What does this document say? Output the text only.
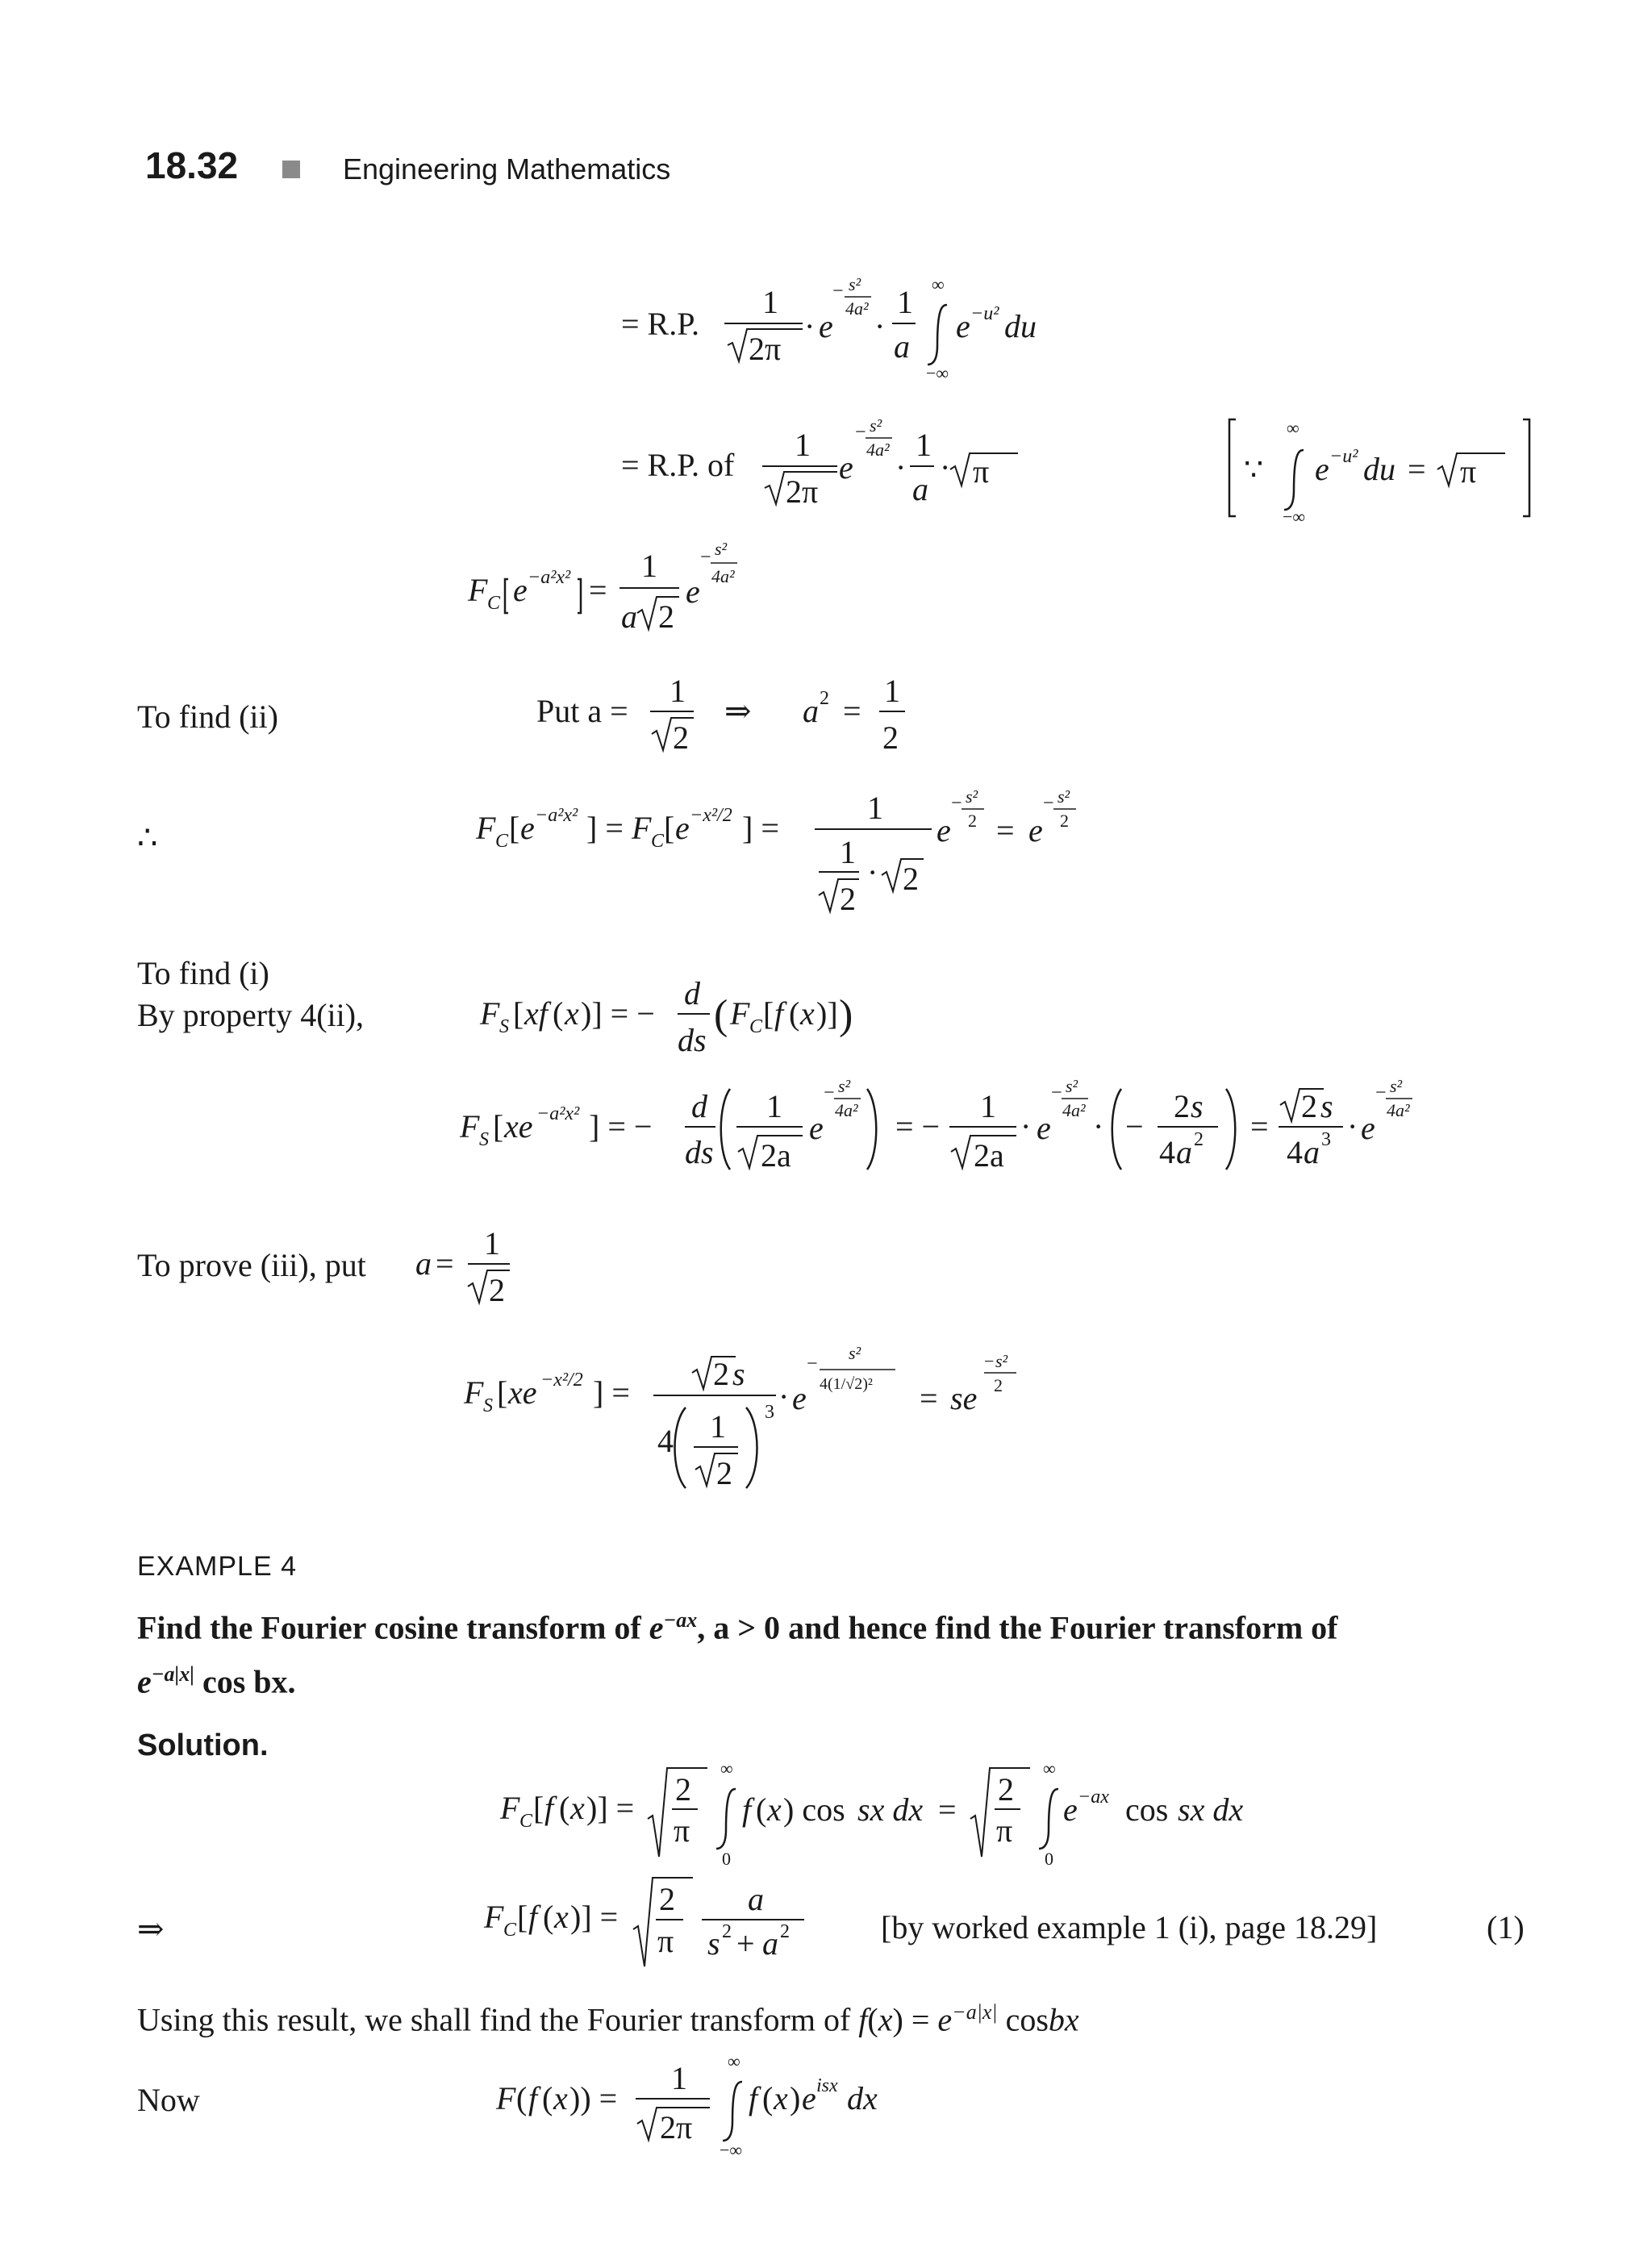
18.32	Engineering Mathematics
= R.P.
1
2π
· e
− s²
4a² ·
1
a
∞
−∞
e −u² du
= R.P. of
1
2π
e
− s²
4a² ·
1
a
· π	∵
∞
−∞
e −u² du = π
F C e −a²x² =
1
a 2
e
− s²
4a²
To find (ii)	Put a =
1
2
⇒ a 2 =
1
2
∴	F C [ e −a²x² ] = F C [ e −x²/2 ] =
1
1
2
· 2
e
− s²
2 = e
− s²
2
To find (i)
By property 4(ii),	F S [ xf ( x )] = −
d
ds
( F C [ f ( x )] )
F S [ xe −a²x² ] = −
d
ds
1
2a
e
− s²
4a² = −
1
2a
· e
− s²
4a² · −
2 s
4 a 2 =
2 s
4 a 3 · e
− s²
4a²
To prove (iii), put a =
1
2
F S [ xe −x²/2 ] =
2 s
4 1
2
3 · e
−
s²
4(1/√2)² = se
− s²
2
EXAMPLE 4
Find the Fourier cosine transform of $e^{-ax}$, a > 0 and hence find the Fourier transform of
$e^{-a|x|}$ cos bx.
Solution.
F C [ f ( x )] =
2
π
∞
0
f ( x ) cos sx dx =
2
π
∞
0
e −ax cos sx dx
⇒	F C [ f ( x )] = 2
π
a
s 2 + a 2	[by worked example 1 (i), page 18.29]	(1)
Using this result, we shall find the Fourier transform of $f(x) = e^{-a|x|}$ cosbx
Now	F ( f ( x )) =
1
2π
∞
−∞
f ( x ) e isx dx
